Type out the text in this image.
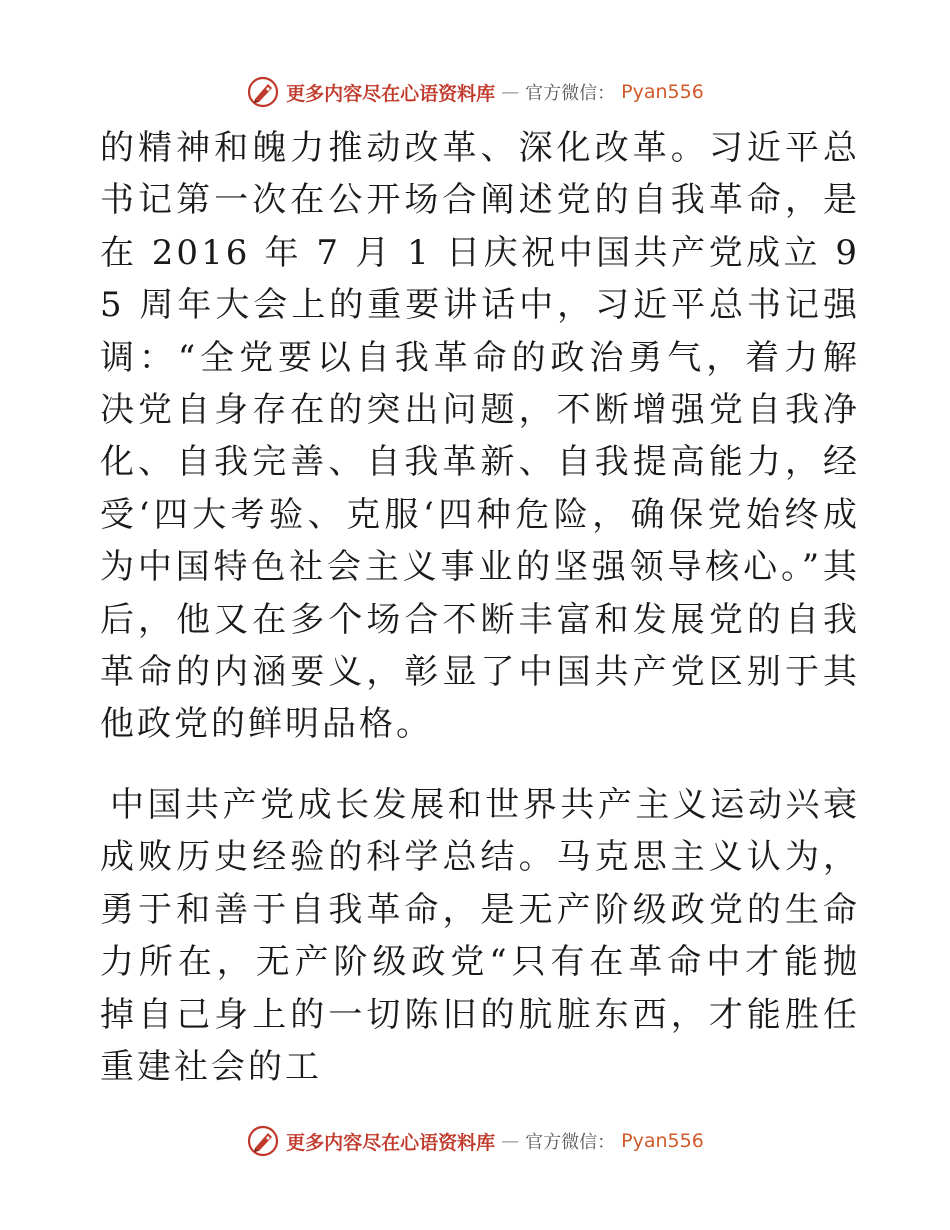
更多内容尽在心语资料库 — 官方微信： Pyan556

的精神和魄力推动改革、深化改革。习近平总书记第一次在公开场合阐述党的自我革命，是在 2016 年 7 月 1 日庆祝中国共产党成立 95 周年大会上的重要讲话中，习近平总书记强调：“全党要以自我革命的政治勇气，着力解决党自身存在的突出问题，不断增强党自我净化、自我完善、自我革新、自我提高能力，经受‘四大考验、克服‘四种危险，确保党始终成为中国特色社会主义事业的坚强领导核心。”其后，他又在多个场合不断丰富和发展党的自我革命的内涵要义，彰显了中国共产党区别于其他政党的鲜明品格。

中国共产党成长发展和世界共产主义运动兴衰成败历史经验的科学总结。马克思主义认为，勇于和善于自我革命，是无产阶级政党的生命力所在，无产阶级政党“只有在革命中才能抛掉自己身上的一切陈旧的肮脏东西，才能胜任重建社会的工

更多内容尽在心语资料库 — 官方微信： Pyan556
